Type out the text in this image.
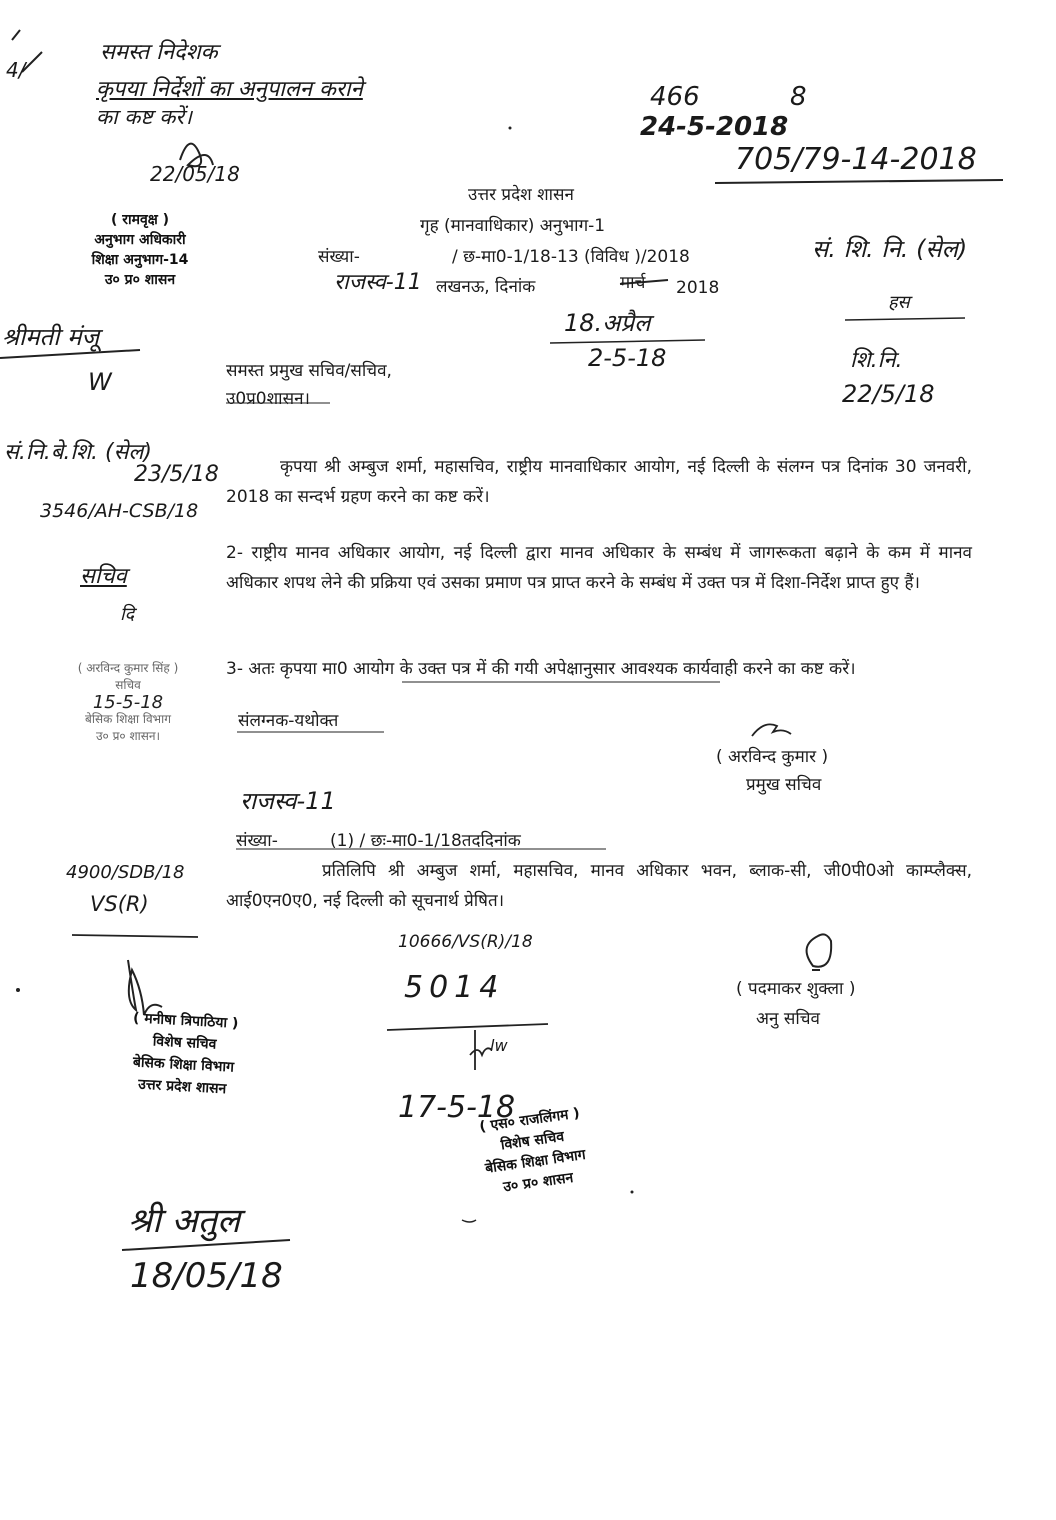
4/
समस्त निदेशक
कृपया निर्देशों का अनुपालन कराने
का कष्ट करें।
22/05/18
466	8
24-5-2018
705/79-14-2018
( रामवृक्ष )
अनुभाग अधिकारी
शिक्षा अनुभाग-14
उ० प्र० शासन
उत्तर प्रदेश शासन
गृह (मानवाधिकार) अनुभाग-1
संख्या-	/ छ-मा0-1/18-13 (विविध )/2018
राजस्व-11 लखनऊ, दिनांक	मार्च 2018
सं. शि. नि. (सेल)
हस
18.अप्रैल
2-5-18	शि.नि.
22/5/18
श्रीमती मंजू
W
सं.नि.बे.शि. (सेल)
23/5/18
3546/AH-CSB/18
सचिव
दि
( अरविन्द कुमार सिंह )
सचिव
15-5-18
बेसिक शिक्षा विभाग
उ० प्र० शासन।
समस्त प्रमुख सचिव/सचिव,
उ0प्र0शासन।
कृपया श्री अम्बुज शर्मा, महासचिव, राष्ट्रीय मानवाधिकार आयोग, नई दिल्ली के संलग्न पत्र दिनांक 30 जनवरी, 2018 का सन्दर्भ ग्रहण करने का कष्ट करें।
2- राष्ट्रीय मानव अधिकार आयोग, नई दिल्ली द्वारा मानव अधिकार के सम्बंध में जागरूकता बढ़ाने के कम में मानव अधिकार शपथ लेने की प्रक्रिया एवं उसका प्रमाण पत्र प्राप्त करने के सम्बंध में उक्त पत्र में दिशा-निर्देश प्राप्त हुए हैं।
3- अतः कृपया मा0 आयोग के उक्त पत्र में की गयी अपेक्षानुसार आवश्यक कार्यवाही करने का कष्ट करें।
संलग्नक-यथोक्त
( अरविन्द कुमार )
प्रमुख सचिव
राजस्व-11
संख्या-	(1) / छः-मा0-1/18तददिनांक
प्रतिलिपि श्री अम्बुज शर्मा, महासचिव, मानव अधिकार भवन, ब्लाक-सी, जी0पी0ओ काम्प्लैक्स, आई0एन0ए0, नई दिल्ली को सूचनार्थ प्रेषित।
4900/SDB/18
VS(R)
10666/VS(R)/18
5014
lw
17-5-18
( पदमाकर शुक्ला )
अनु सचिव
( मनीषा त्रिपाठिया )
विशेष सचिव
बेसिक शिक्षा विभाग
उत्तर प्रदेश शासन
( एस० राजलिंगम )
विशेष सचिव
बेसिक शिक्षा विभाग
उ० प्र० शासन
श्री अतुल
18/05/18
